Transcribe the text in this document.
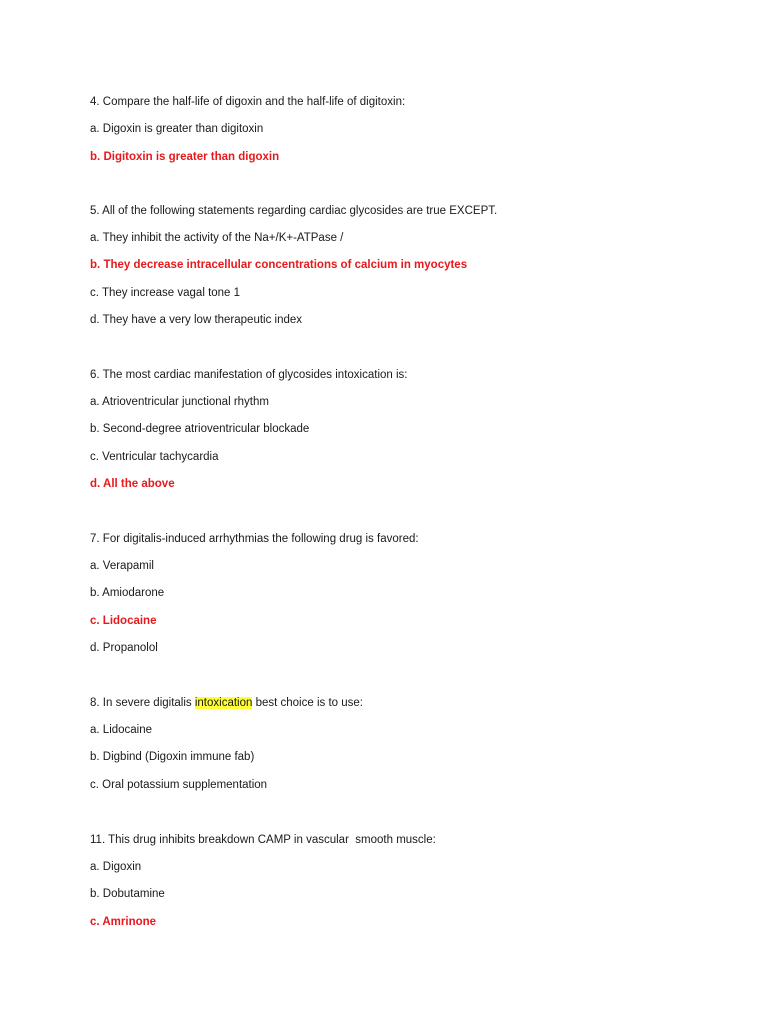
4. Compare the half-life of digoxin and the half-life of digitoxin:
a. Digoxin is greater than digitoxin
b. Digitoxin is greater than digoxin
5. All of the following statements regarding cardiac glycosides are true EXCEPT.
a. They inhibit the activity of the Na+/K+-ATPase /
b. They decrease intracellular concentrations of calcium in myocytes
c. They increase vagal tone 1
d. They have a very low therapeutic index
6. The most cardiac manifestation of glycosides intoxication is:
a. Atrioventricular junctional rhythm
b. Second-degree atrioventricular blockade
c. Ventricular tachycardia
d. All the above
7. For digitalis-induced arrhythmias the following drug is favored:
a. Verapamil
b. Amiodarone
c. Lidocaine
d. Propanolol
8. In severe digitalis intoxication best choice is to use:
a. Lidocaine
b. Digbind (Digoxin immune fab)
c. Oral potassium supplementation
11. This drug inhibits breakdown CAMP in vascular  smooth muscle:
a. Digoxin
b. Dobutamine
c. Amrinone
